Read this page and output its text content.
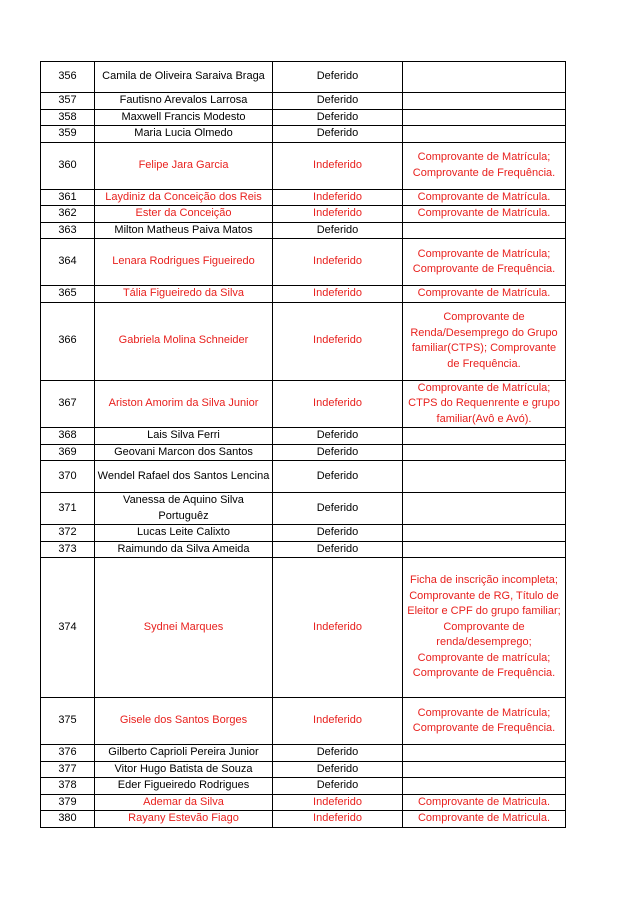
356	Camila de Oliveira Saraiva Braga	Deferido	
357	Fautisno Arevalos Larrosa	Deferido	
358	Maxwell Francis Modesto	Deferido	
359	Maria Lucia Olmedo	Deferido	
360	Felipe Jara Garcia	Indeferido	Comprovante de Matrícula; Comprovante de Frequência.
361	Laydiniz da Conceição dos Reis	Indeferido	Comprovante de Matrícula.
362	Ester da Conceição	Indeferido	Comprovante de Matrícula.
363	Milton Matheus Paiva Matos	Deferido	
364	Lenara Rodrigues Figueiredo	Indeferido	Comprovante de Matrícula; Comprovante de Frequência.
365	Tália Figueiredo da Silva	Indeferido	Comprovante de Matrícula.
366	Gabriela Molina Schneider	Indeferido	Comprovante de Renda/Desemprego do Grupo familiar(CTPS); Comprovante de Frequência.
367	Ariston Amorim da Silva Junior	Indeferido	Comprovante de Matrícula; CTPS do Requenrente e grupo familiar(Avô e Avó).
368	Lais Silva Ferri	Deferido	
369	Geovani Marcon dos Santos	Deferido	
370	Wendel Rafael dos Santos Lencina	Deferido	
371	Vanessa de Aquino Silva Portuguêz	Deferido	
372	Lucas Leite Calixto	Deferido	
373	Raimundo da Silva Ameida	Deferido	
374	Sydnei Marques	Indeferido	Ficha de inscrição incompleta; Comprovante de RG, Título de Eleitor e CPF do grupo familiar; Comprovante de renda/desemprego; Comprovante de matrícula; Comprovante de Frequência.
375	Gisele dos Santos Borges	Indeferido	Comprovante de Matrícula; Comprovante de Frequência.
376	Gilberto Caprioli Pereira Junior	Deferido	
377	Vitor Hugo Batista de Souza	Deferido	
378	Eder Figueiredo Rodrigues	Deferido	
379	Ademar da Silva	Indeferido	Comprovante de Matricula.
380	Rayany Estevão Fiago	Indeferido	Comprovante de Matricula.
